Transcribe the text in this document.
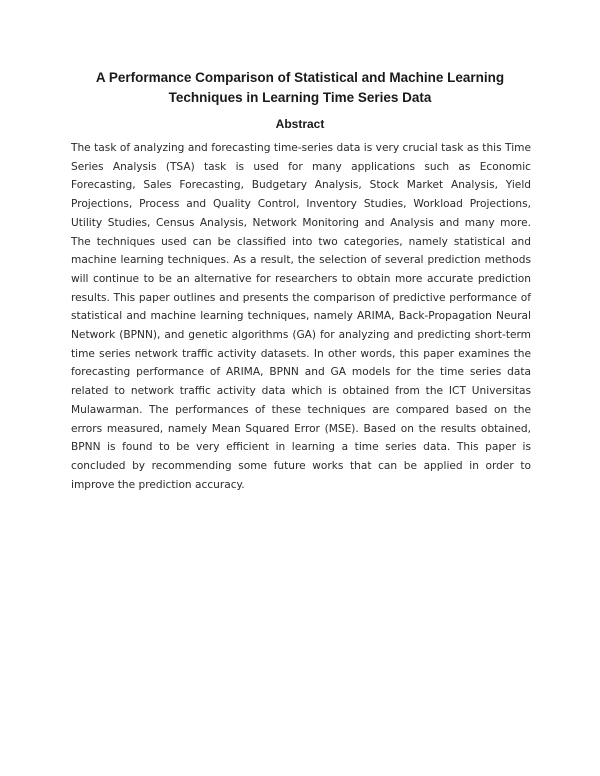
A Performance Comparison of Statistical and Machine Learning Techniques in Learning Time Series Data
Abstract

The task of analyzing and forecasting time-series data is very crucial task as this Time Series Analysis (TSA) task is used for many applications such as Economic Forecasting, Sales Forecasting, Budgetary Analysis, Stock Market Analysis, Yield Projections, Process and Quality Control, Inventory Studies, Workload Projections, Utility Studies, Census Analysis, Network Monitoring and Analysis and many more. The techniques used can be classified into two categories, namely statistical and machine learning techniques. As a result, the selection of several prediction methods will continue to be an alternative for researchers to obtain more accurate prediction results. This paper outlines and presents the comparison of predictive performance of statistical and machine learning techniques, namely ARIMA, Back-Propagation Neural Network (BPNN), and genetic algorithms (GA) for analyzing and predicting short-term time series network traffic activity datasets. In other words, this paper examines the forecasting performance of ARIMA, BPNN and GA models for the time series data related to network traffic activity data which is obtained from the ICT Universitas Mulawarman. The performances of these techniques are compared based on the errors measured, namely Mean Squared Error (MSE). Based on the results obtained, BPNN is found to be very efficient in learning a time series data. This paper is concluded by recommending some future works that can be applied in order to improve the prediction accuracy.
